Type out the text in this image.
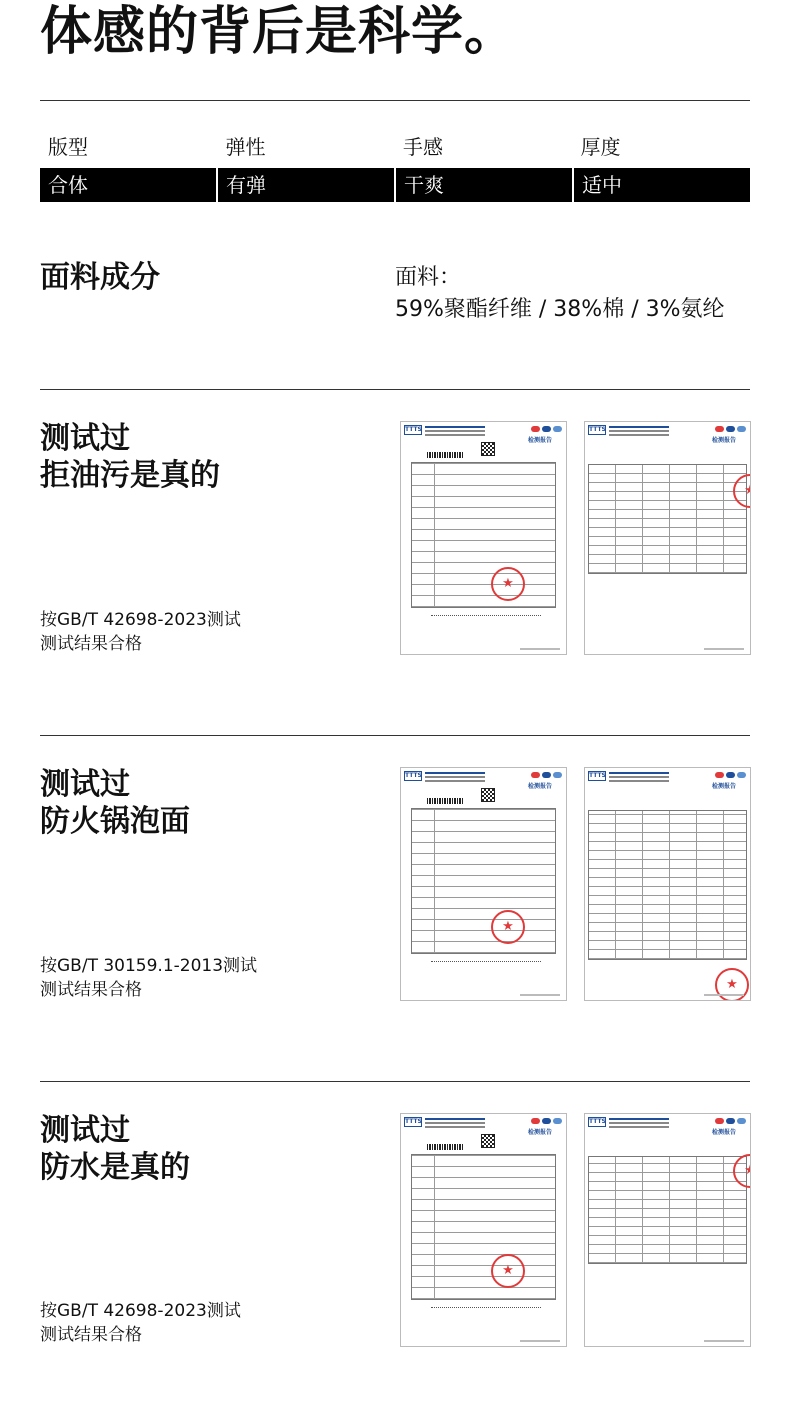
体感的背后是科学。
版型	弹性	手感	厚度
合体	有弹	干爽	适中
面料成分	面料：
59%聚酯纤维 / 38%棉 / 3%氨纶
测试过
拒油污是真的
按GB/T 42698-2023测试
测试结果合格
TTTS
检测报告
★
TTTS
检测报告
★
测试过
防火锅泡面
按GB/T 30159.1-2013测试
测试结果合格
TTTS
检测报告
★
TTTS
检测报告
★
测试过
防水是真的
按GB/T 42698-2023测试
测试结果合格
TTTS
检测报告
★
TTTS
检测报告
★
